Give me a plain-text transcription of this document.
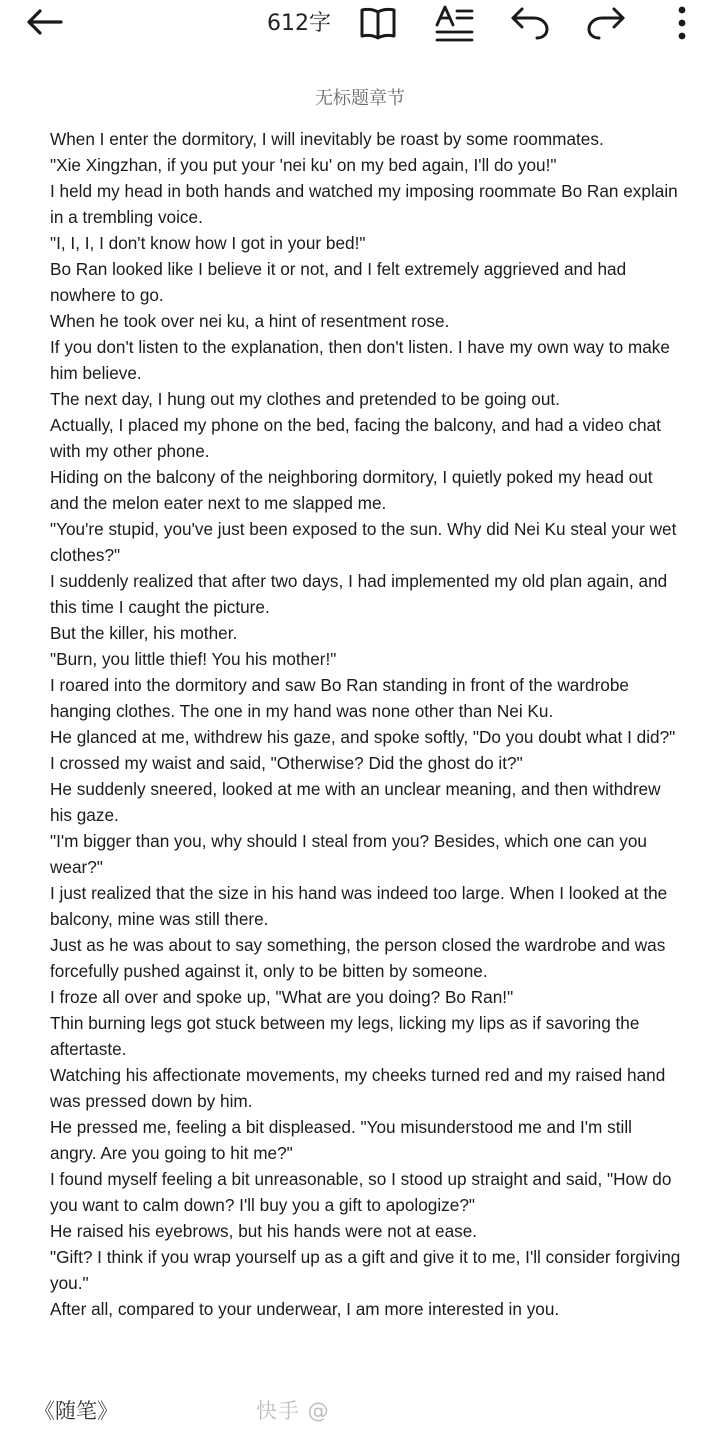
612字
无标题章节

When I enter the dormitory, I will inevitably be roast by some roommates.

"Xie Xingzhan, if you put your 'nei ku' on my bed again, I'll do you!"

I held my head in both hands and watched my imposing roommate Bo Ran explain in a trembling voice.

"I, I, I, I don't know how I got in your bed!"

Bo Ran looked like I believe it or not, and I felt extremely aggrieved and had nowhere to go.

When he took over nei ku, a hint of resentment rose.

If you don't listen to the explanation, then don't listen. I have my own way to make him believe.

The next day, I hung out my clothes and pretended to be going out.

Actually, I placed my phone on the bed, facing the balcony, and had a video chat with my other phone.

Hiding on the balcony of the neighboring dormitory, I quietly poked my head out and the melon eater next to me slapped me.

"You're stupid, you've just been exposed to the sun. Why did Nei Ku steal your wet clothes?"

I suddenly realized that after two days, I had implemented my old plan again, and this time I caught the picture.

But the killer, his mother.

"Burn, you little thief! You his mother!"

I roared into the dormitory and saw Bo Ran standing in front of the wardrobe hanging clothes. The one in my hand was none other than Nei Ku.

He glanced at me, withdrew his gaze, and spoke softly, "Do you doubt what I did?"

I crossed my waist and said, "Otherwise? Did the ghost do it?"

He suddenly sneered, looked at me with an unclear meaning, and then withdrew his gaze.

"I'm bigger than you, why should I steal from you? Besides, which one can you wear?"

I just realized that the size in his hand was indeed too large. When I looked at the balcony, mine was still there.

Just as he was about to say something, the person closed the wardrobe and was forcefully pushed against it, only to be bitten by someone.

I froze all over and spoke up, "What are you doing? Bo Ran!"

Thin burning legs got stuck between my legs, licking my lips as if savoring the aftertaste.

Watching his affectionate movements, my cheeks turned red and my raised hand was pressed down by him.

He pressed me, feeling a bit displeased. "You misunderstood me and I'm still angry. Are you going to hit me?"

I found myself feeling a bit unreasonable, so I stood up straight and said, "How do you want to calm down? I'll buy you a gift to apologize?"

He raised his eyebrows, but his hands were not at ease.

"Gift? I think if you wrap yourself up as a gift and give it to me, I'll consider forgiving you."

After all, compared to your underwear, I am more interested in you.

《随笔》	快手 @
